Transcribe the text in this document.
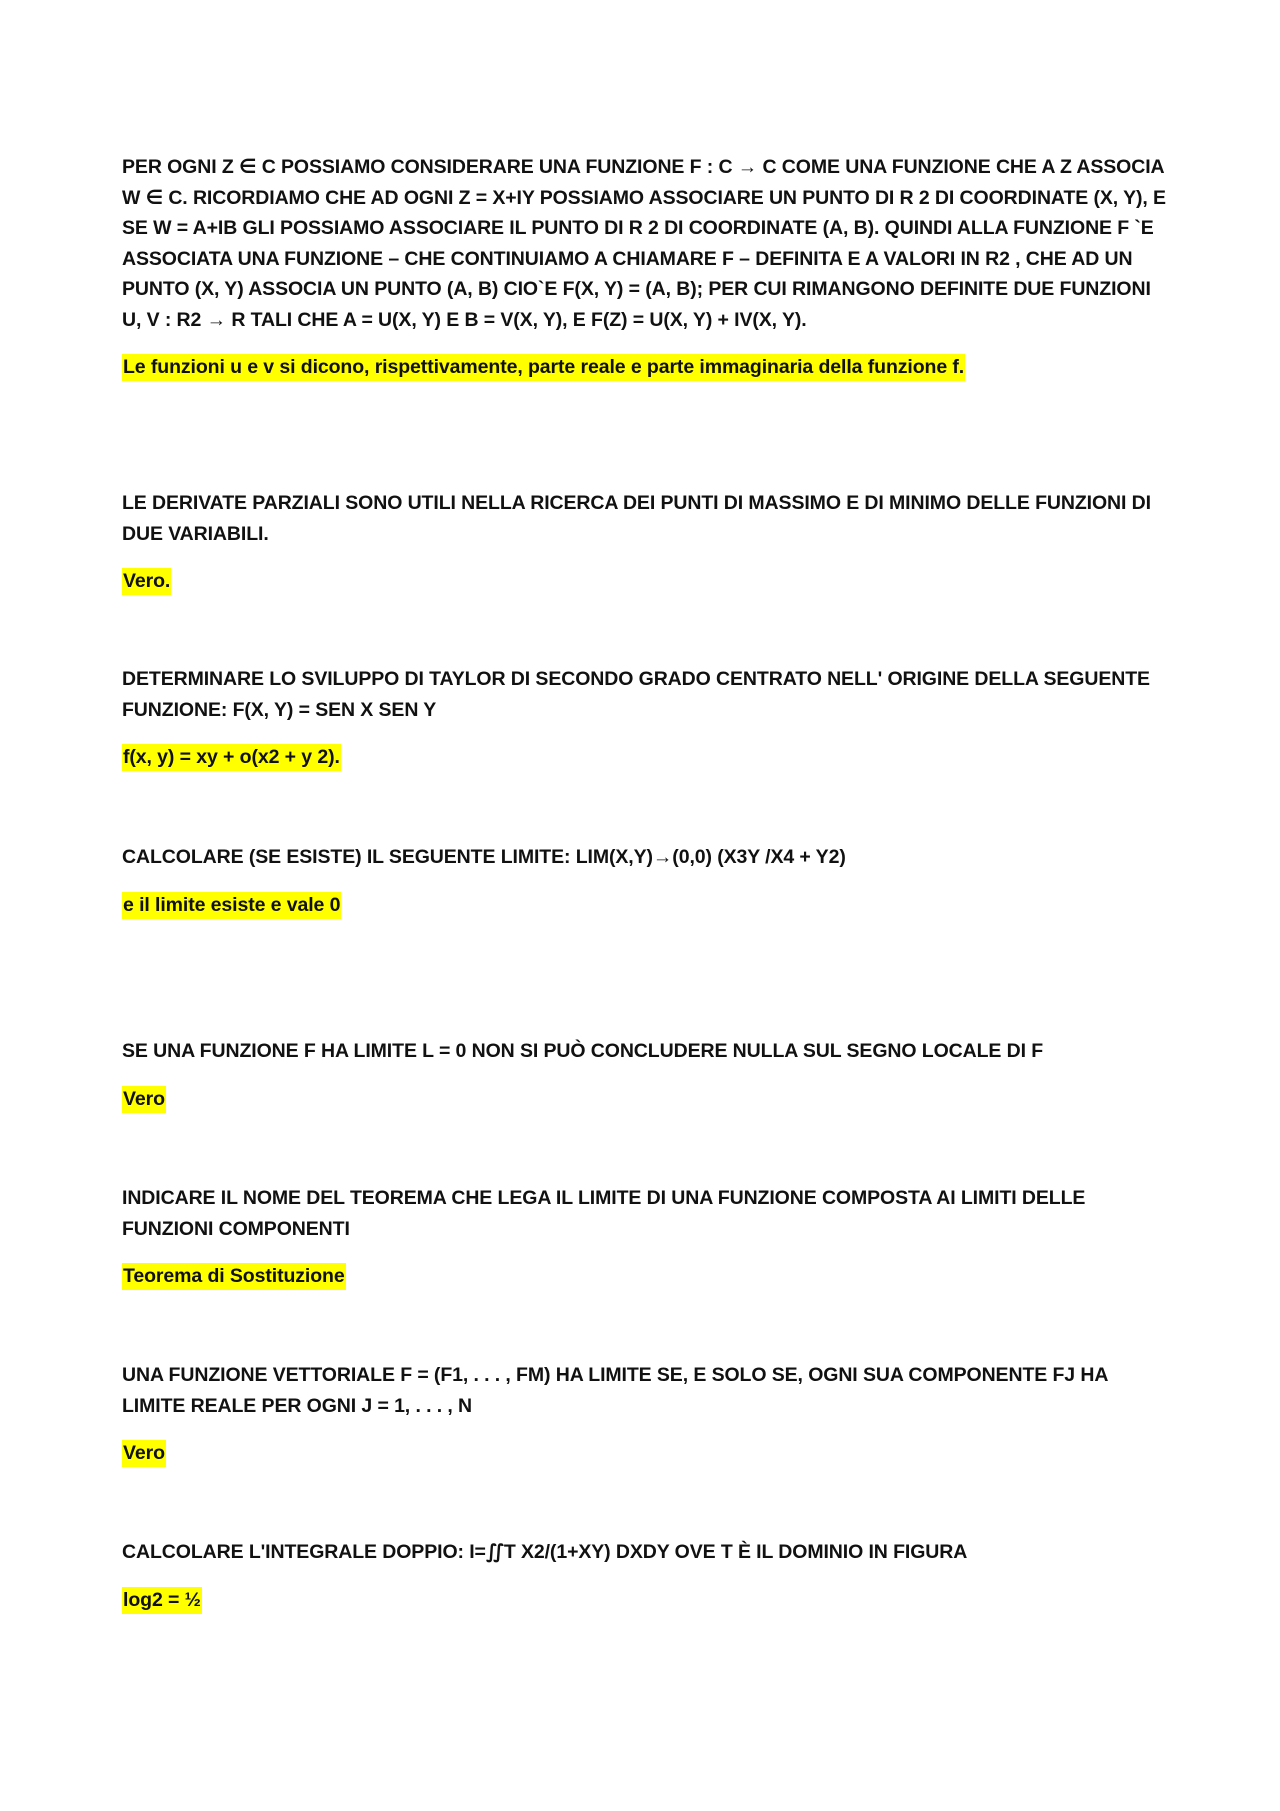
PER OGNI Z ∈ C POSSIAMO CONSIDERARE UNA FUNZIONE F : C → C COME UNA FUNZIONE CHE A Z ASSOCIA W ∈ C. RICORDIAMO CHE AD OGNI Z = X+IY POSSIAMO ASSOCIARE UN PUNTO DI R 2 DI COORDINATE (X, Y), E SE W = A+IB GLI POSSIAMO ASSOCIARE IL PUNTO DI R 2 DI COORDINATE (A, B). QUINDI ALLA FUNZIONE F `E ASSOCIATA UNA FUNZIONE – CHE CONTINUIAMO A CHIAMARE F – DEFINITA E A VALORI IN R2 , CHE AD UN PUNTO (X, Y) ASSOCIA UN PUNTO (A, B) CIO`E F(X, Y) = (A, B); PER CUI RIMANGONO DEFINITE DUE FUNZIONI U, V : R2 → R TALI CHE A = U(X, Y) E B = V(X, Y), E F(Z) = U(X, Y) + IV(X, Y).

Le funzioni u e v si dicono, rispettivamente, parte reale e parte immaginaria della funzione f.

LE DERIVATE PARZIALI SONO UTILI NELLA RICERCA DEI PUNTI DI MASSIMO E DI MINIMO DELLE FUNZIONI DI DUE VARIABILI.

Vero.

DETERMINARE LO SVILUPPO DI TAYLOR DI SECONDO GRADO CENTRATO NELL' ORIGINE DELLA SEGUENTE FUNZIONE: F(X, Y) = SEN X SEN Y

f(x, y) = xy + o(x2 + y 2).

CALCOLARE (SE ESISTE) IL SEGUENTE LIMITE: LIM(X,Y)→(0,0) (X3Y /X4 + Y2)

e il limite esiste e vale 0

SE UNA FUNZIONE F HA LIMITE L = 0 NON SI PUÒ CONCLUDERE NULLA SUL SEGNO LOCALE DI F

Vero

INDICARE IL NOME DEL TEOREMA CHE LEGA IL LIMITE DI UNA FUNZIONE COMPOSTA AI LIMITI DELLE FUNZIONI COMPONENTI

Teorema di Sostituzione

UNA FUNZIONE VETTORIALE F = (F1, . . . , FM) HA LIMITE SE, E SOLO SE, OGNI SUA COMPONENTE FJ HA LIMITE REALE PER OGNI J = 1, . . . , N

Vero

CALCOLARE L'INTEGRALE DOPPIO: I=∬T X2/(1+XY) DXDY OVE T È IL DOMINIO IN FIGURA

log2 = ½
